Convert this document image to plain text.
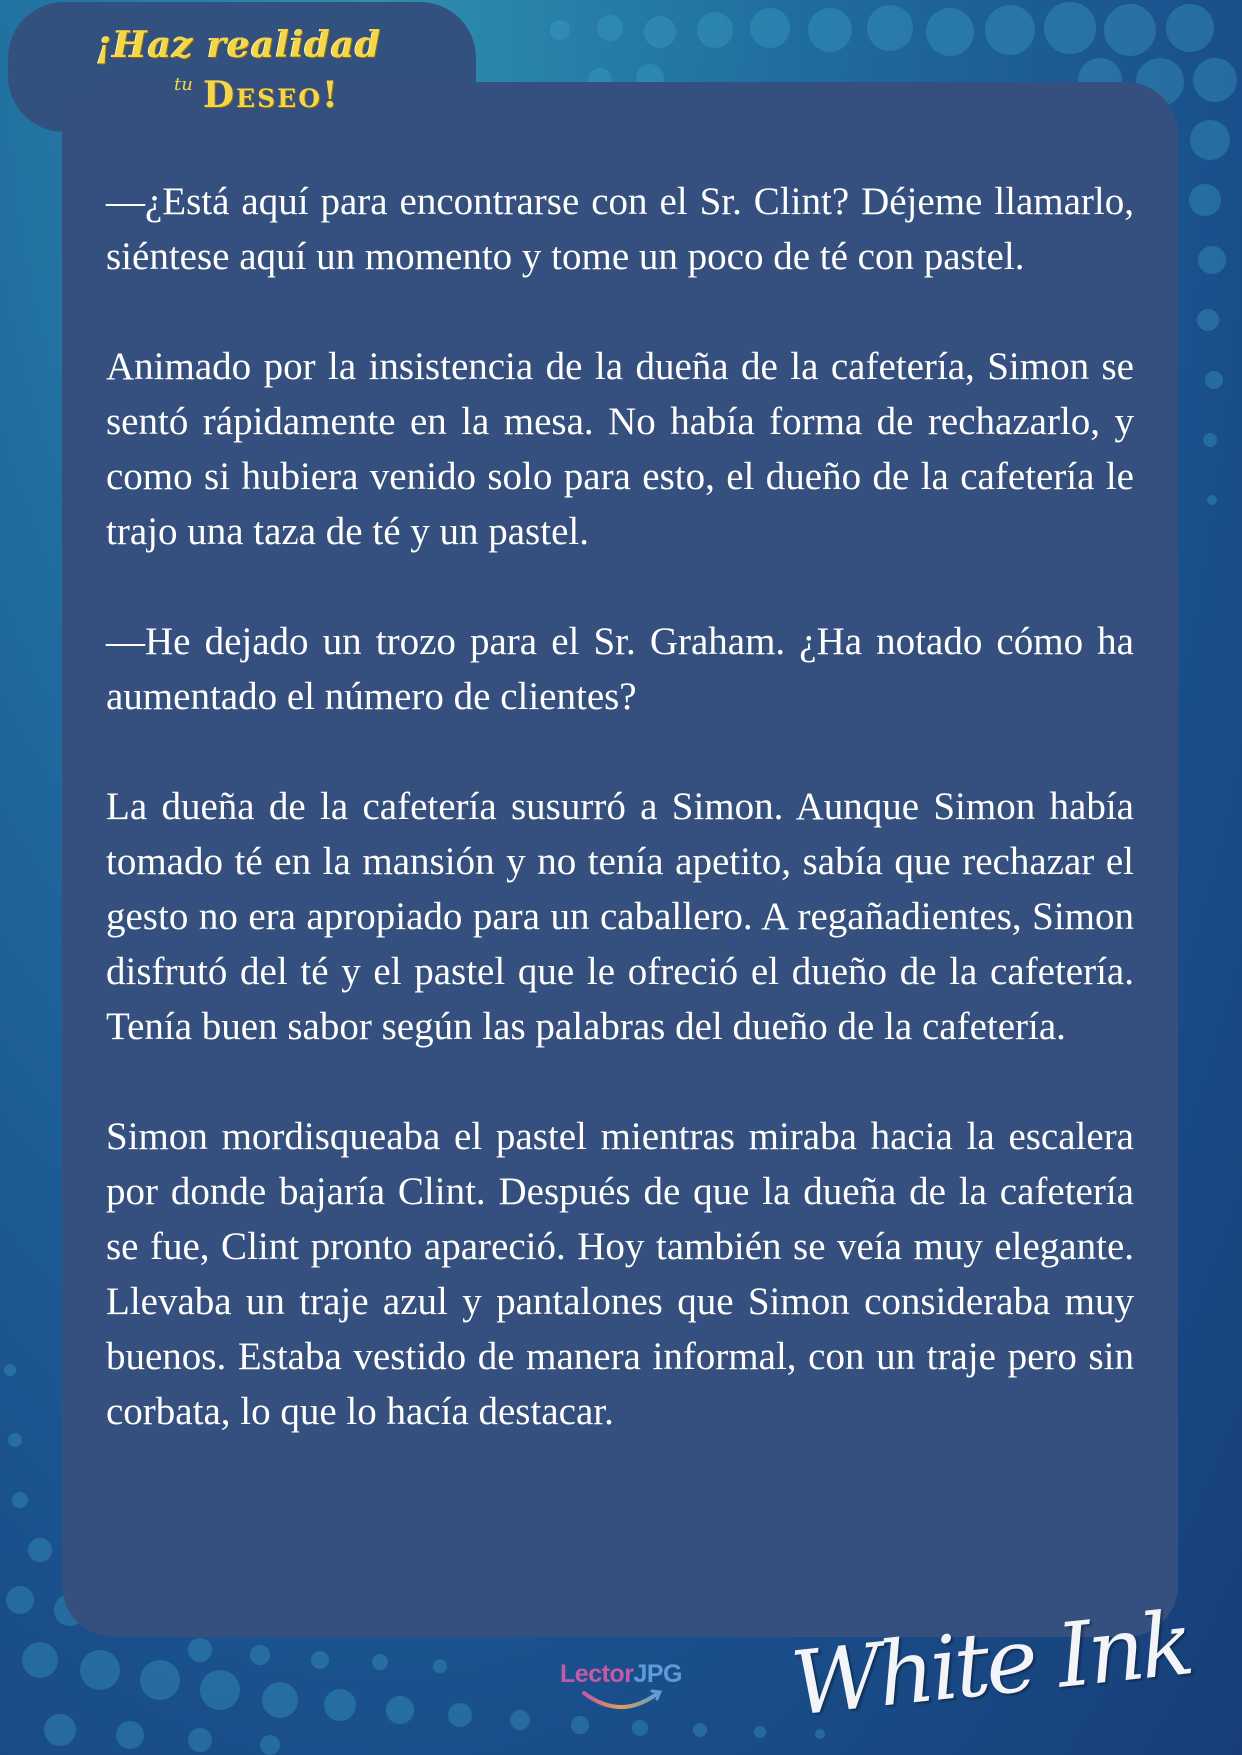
¡Haz realidad
tu Deseo!

—¿Está aquí para encontrarse con el Sr. Clint? Déjeme llamarlo, siéntese aquí un momento y tome un poco de té con pastel.

Animado por la insistencia de la dueña de la cafetería, Simon se sentó rápidamente en la mesa. No había forma de rechazarlo, y como si hubiera venido solo para esto, el dueño de la cafetería le trajo una taza de té y un pastel.

—He dejado un trozo para el Sr. Graham. ¿Ha notado cómo ha aumentado el número de clientes?

La dueña de la cafetería susurró a Simon. Aunque Simon había tomado té en la mansión y no tenía apetito, sabía que rechazar el gesto no era apropiado para un caballero. A regañadientes, Simon disfrutó del té y el pastel que le ofreció el dueño de la cafetería. Tenía buen sabor según las palabras del dueño de la cafetería.

Simon mordisqueaba el pastel mientras miraba hacia la escalera por donde bajaría Clint. Después de que la dueña de la cafetería se fue, Clint pronto apareció. Hoy también se veía muy elegante. Llevaba un traje azul y pantalones que Simon consideraba muy buenos. Estaba vestido de manera informal, con un traje pero sin corbata, lo que lo hacía destacar.

LectorJPG White Ink
